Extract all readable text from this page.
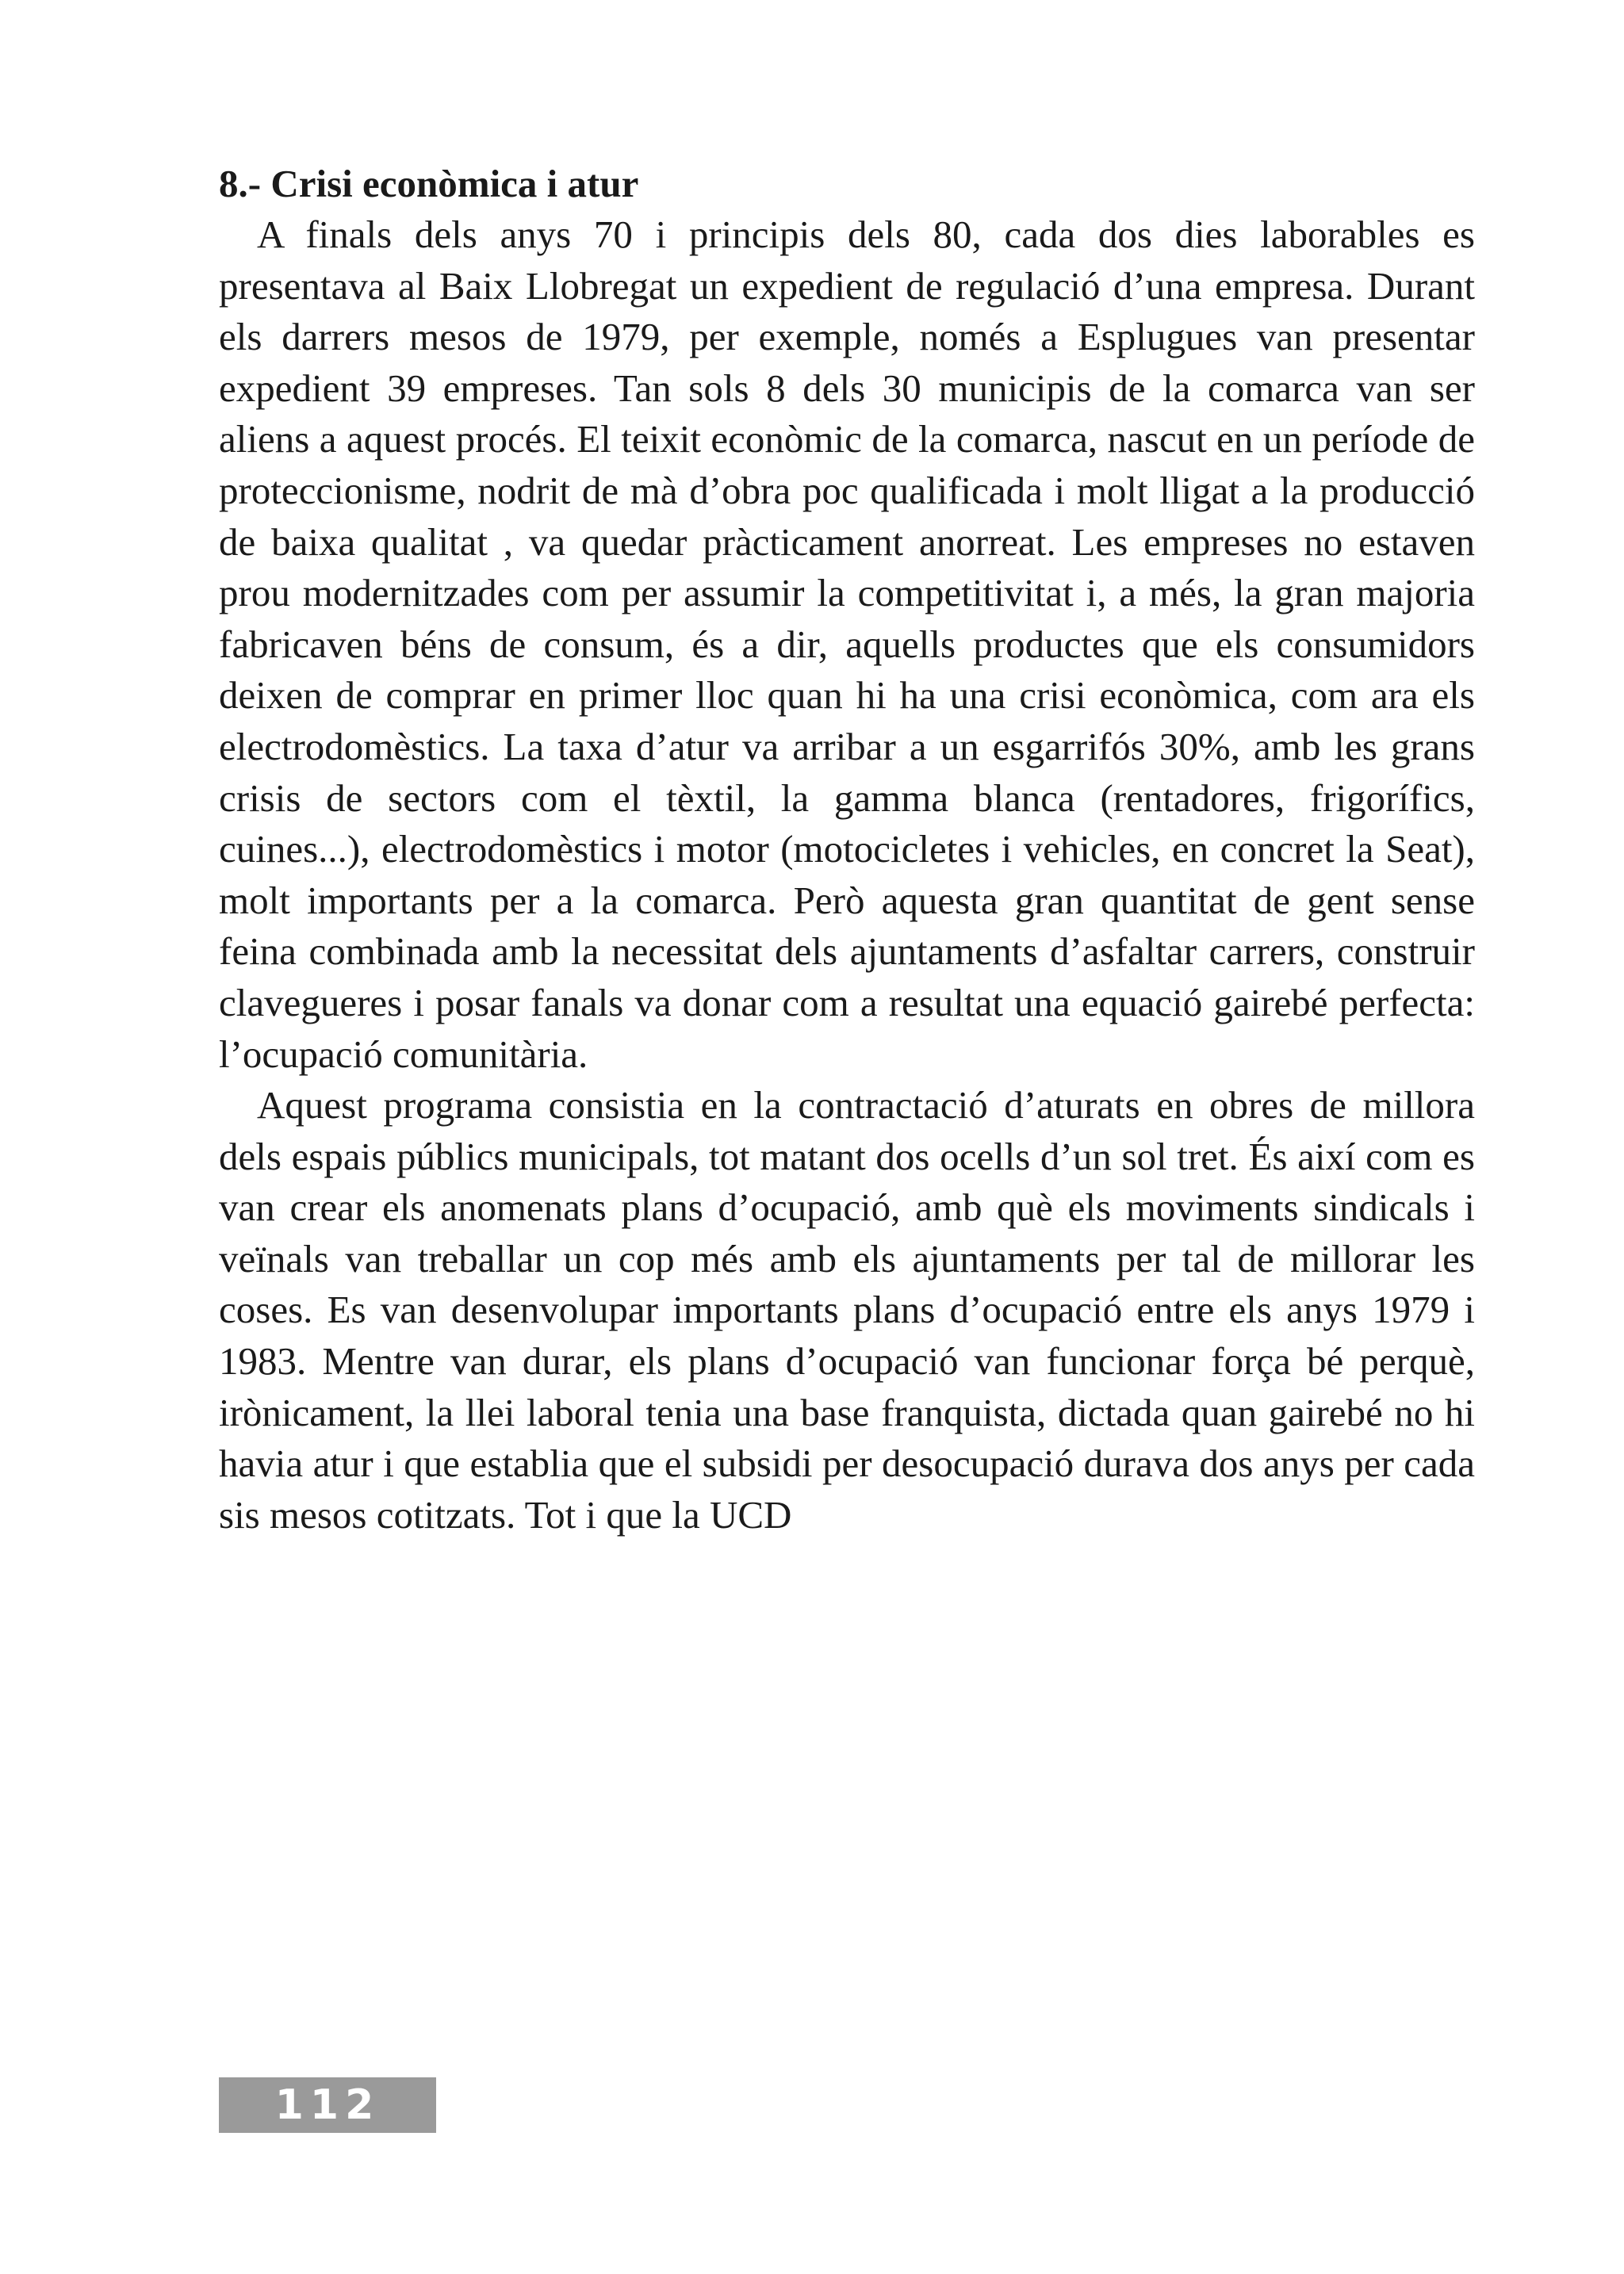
8.- Crisi econòmica i atur

A finals dels anys 70 i principis dels 80, cada dos dies laborables es presentava al Baix Llobregat un expedient de regulació d’una empresa. Durant els darrers mesos de 1979, per exemple, només a Esplugues van presentar expedient 39 empreses. Tan sols 8 dels 30 municipis de la comarca van ser aliens a aquest procés. El teixit econòmic de la comarca, nascut en un període de proteccionisme, nodrit de mà d’obra poc qualificada i molt lligat a la producció de baixa qualitat , va quedar pràcticament anorreat. Les empreses no estaven prou modernitzades com per assumir la competitivitat i, a més, la gran majoria fabricaven béns de consum, és a dir, aquells productes que els consumidors deixen de comprar en primer lloc quan hi ha una crisi econòmica, com ara els electrodomèstics. La taxa d’atur va arribar a un esgarrifós 30%, amb les grans crisis de sectors com el tèxtil, la gamma blanca (rentadores, frigorífics, cuines...), electrodomèstics i motor (motocicletes i vehicles, en concret la Seat), molt importants per a la comarca. Però aquesta gran quantitat de gent sense feina combinada amb la necessitat dels ajuntaments d’asfaltar carrers, construir clavegueres i posar fanals va donar com a resultat una equació gairebé perfecta: l’ocupació comunitària.

Aquest programa consistia en la contractació d’aturats en obres de millora dels espais públics municipals, tot matant dos ocells d’un sol tret. És així com es van crear els anomenats plans d’ocupació, amb què els moviments sindicals i veïnals van treballar un cop més amb els ajuntaments per tal de millorar les coses. Es van desenvolupar importants plans d’ocupació entre els anys 1979 i 1983. Mentre van durar, els plans d’ocupació van funcionar força bé perquè, irònicament, la llei laboral tenia una base franquista, dictada quan gairebé no hi havia atur i que establia que el subsidi per desocupació durava dos anys per cada sis mesos cotitzats. Tot i que la UCD

112
